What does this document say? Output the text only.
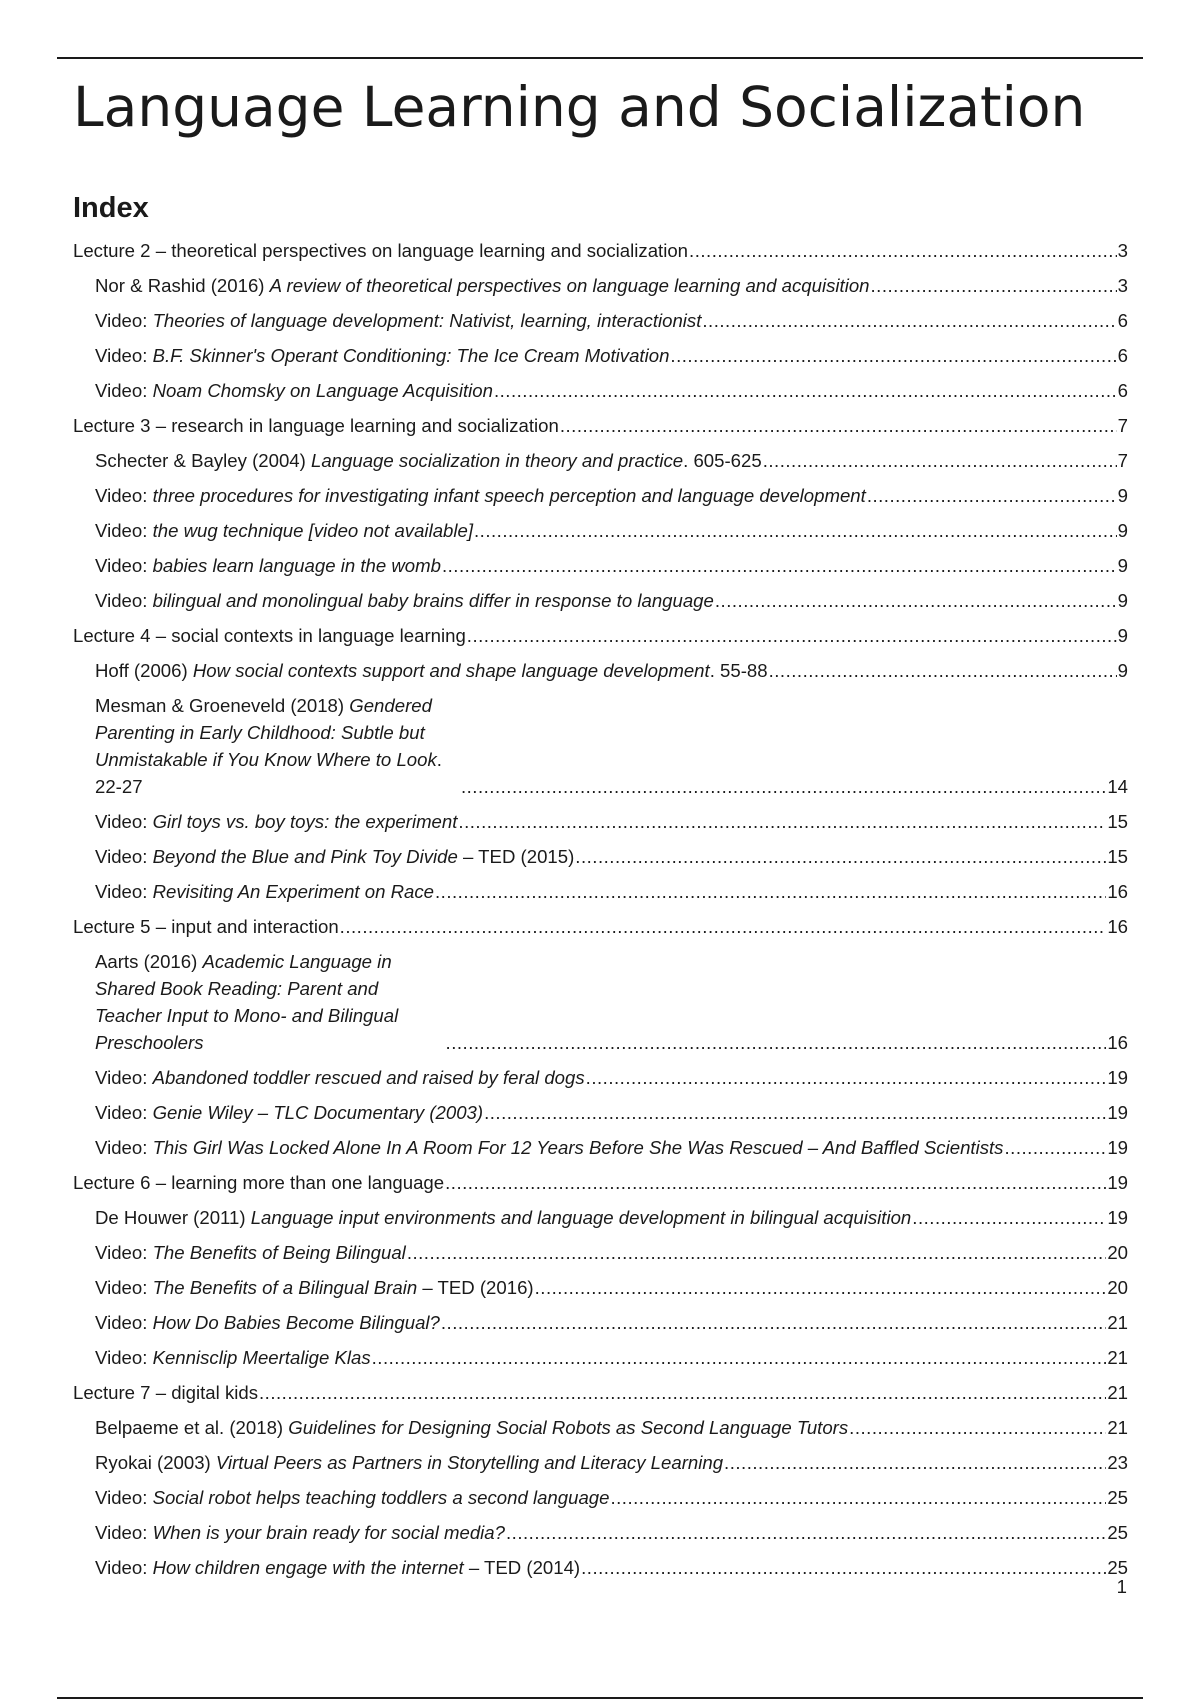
Language Learning and Socialization
Index
Lecture 2 – theoretical perspectives on language learning and socialization .....	3
Nor & Rashid (2016) A review of theoretical perspectives on language learning and acquisition .....	3
Video: Theories of language development: Nativist, learning, interactionist .....	6
Video: B.F. Skinner's Operant Conditioning: The Ice Cream Motivation .....	6
Video: Noam Chomsky on Language Acquisition .....	6
Lecture 3 – research in language learning and socialization .....	7
Schecter & Bayley (2004) Language socialization in theory and practice. 605-625 .....	7
Video: three procedures for investigating infant speech perception and language development .....	9
Video: the wug technique [video not available] .....	9
Video: babies learn language in the womb .....	9
Video: bilingual and monolingual baby brains differ in response to language .....	9
Lecture 4 – social contexts in language learning .....	9
Hoff (2006) How social contexts support and shape language development. 55-88 .....	9
Mesman & Groeneveld (2018) Gendered Parenting in Early Childhood: Subtle but Unmistakable if You Know Where to Look. 22-27 .....	14
Video: Girl toys vs. boy toys: the experiment .....	15
Video: Beyond the Blue and Pink Toy Divide – TED (2015) .....	15
Video: Revisiting An Experiment on Race .....	16
Lecture 5 – input and interaction .....	16
Aarts (2016) Academic Language in Shared Book Reading: Parent and Teacher Input to Mono- and Bilingual Preschoolers .....	16
Video: Abandoned toddler rescued and raised by feral dogs .....	19
Video: Genie Wiley – TLC Documentary (2003) .....	19
Video: This Girl Was Locked Alone In A Room For 12 Years Before She Was Rescued – And Baffled Scientists .....	19
Lecture 6 – learning more than one language .....	19
De Houwer (2011) Language input environments and language development in bilingual acquisition .....	19
Video: The Benefits of Being Bilingual .....	20
Video: The Benefits of a Bilingual Brain – TED (2016) .....	20
Video: How Do Babies Become Bilingual? .....	21
Video: Kennisclip Meertalige Klas .....	21
Lecture 7 – digital kids .....	21
Belpaeme et al. (2018) Guidelines for Designing Social Robots as Second Language Tutors .....	21
Ryokai (2003) Virtual Peers as Partners in Storytelling and Literacy Learning .....	23
Video: Social robot helps teaching toddlers a second language .....	25
Video: When is your brain ready for social media? .....	25
Video: How children engage with the internet – TED (2014) .....	25
1
